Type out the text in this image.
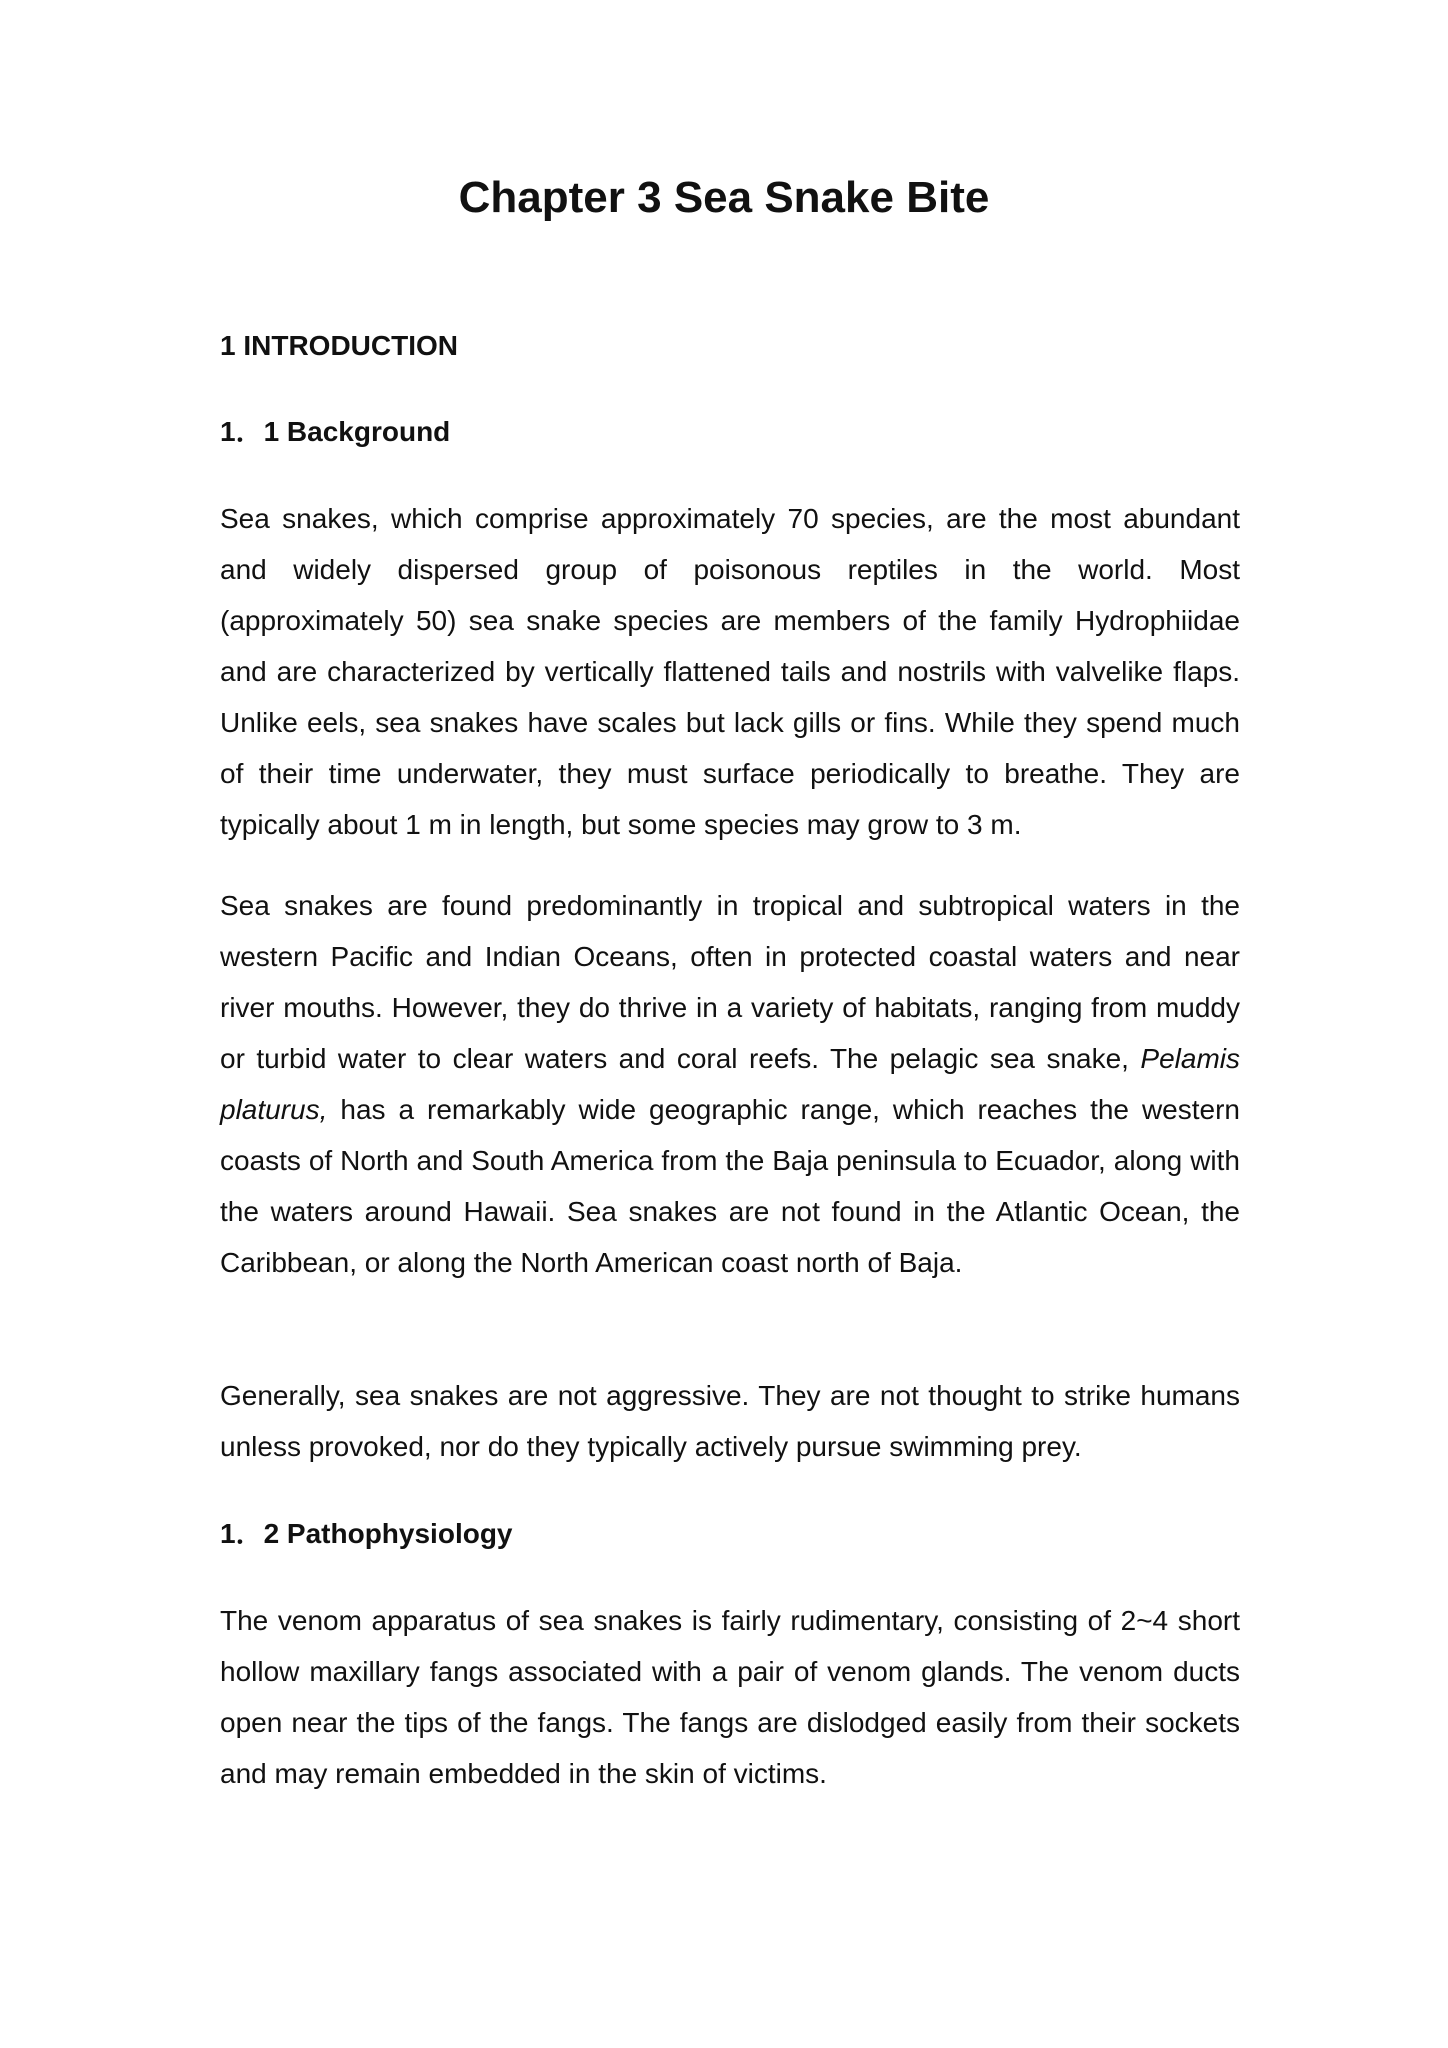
Chapter 3 Sea Snake Bite
1 INTRODUCTION
1．1 Background

Sea snakes, which comprise approximately 70 species, are the most abundant and widely dispersed group of poisonous reptiles in the world. Most (approximately 50) sea snake species are members of the family Hydrophiidae and are characterized by vertically flattened tails and nostrils with valvelike flaps. Unlike eels, sea snakes have scales but lack gills or fins. While they spend much of their time underwater, they must surface periodically to breathe. They are typically about 1 m in length, but some species may grow to 3 m.

Sea snakes are found predominantly in tropical and subtropical waters in the western Pacific and Indian Oceans, often in protected coastal waters and near river mouths. However, they do thrive in a variety of habitats, ranging from muddy or turbid water to clear waters and coral reefs. The pelagic sea snake, Pelamis platurus, has a remarkably wide geographic range, which reaches the western coasts of North and South America from the Baja peninsula to Ecuador, along with the waters around Hawaii. Sea snakes are not found in the Atlantic Ocean, the Caribbean, or along the North American coast north of Baja.

Generally, sea snakes are not aggressive. They are not thought to strike humans unless provoked, nor do they typically actively pursue swimming prey.

1．2 Pathophysiology

The venom apparatus of sea snakes is fairly rudimentary, consisting of 2~4 short hollow maxillary fangs associated with a pair of venom glands. The venom ducts open near the tips of the fangs. The fangs are dislodged easily from their sockets and may remain embedded in the skin of victims.
